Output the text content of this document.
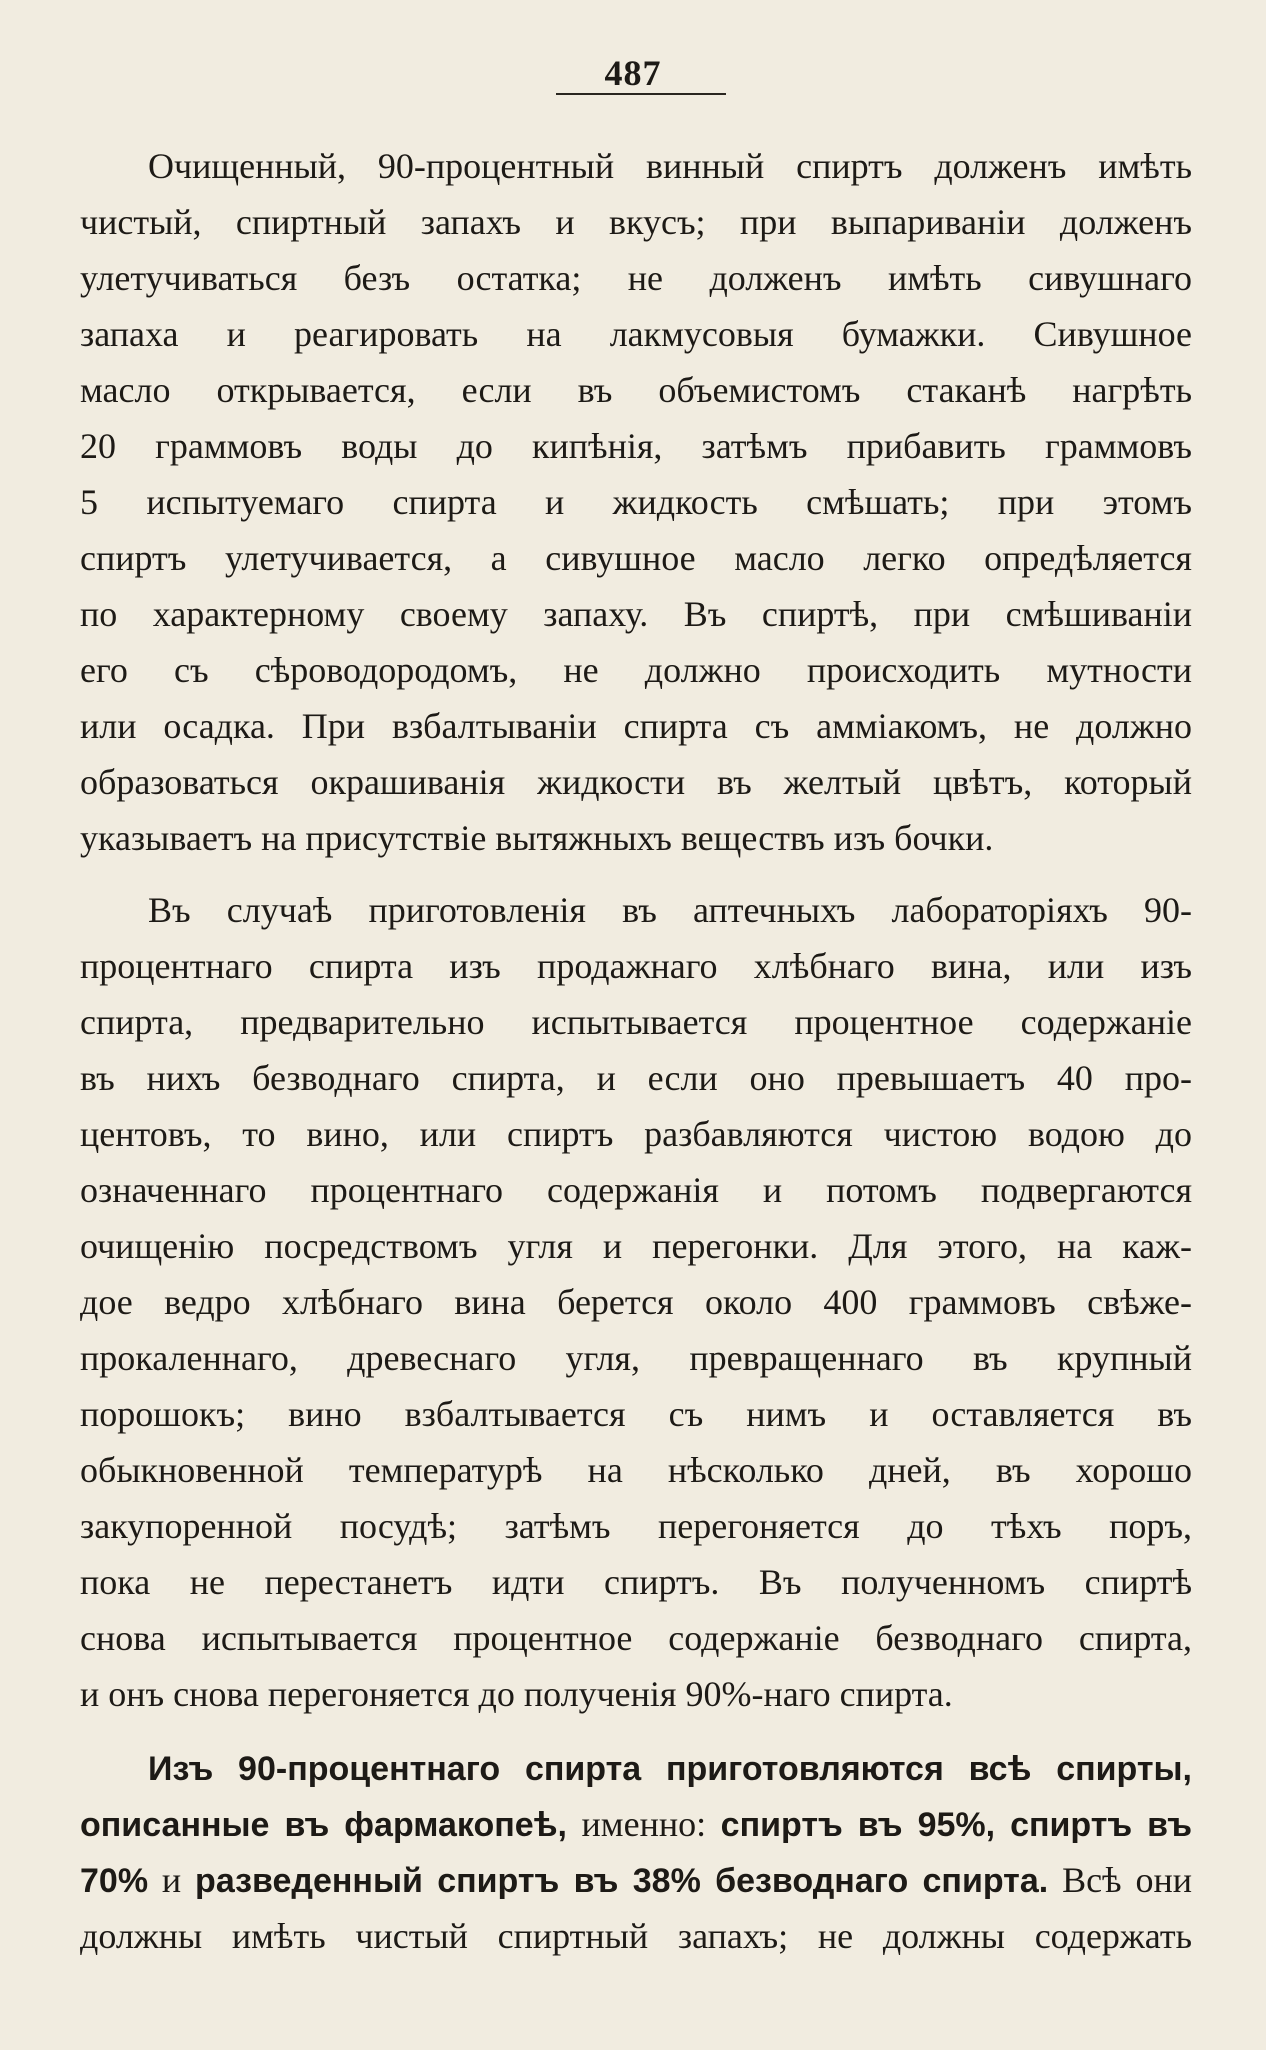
487
Очищенный, 90-процентный винный спиртъ долженъ имѣть
чистый, спиртный запахъ и вкусъ; при выпариванiи долженъ
улетучиваться безъ остатка; не долженъ имѣть сивушнаго
запаха и реагировать на лакмусовыя бумажки. Сивушное
масло открывается, если въ объемистомъ стаканѣ нагрѣть
20 граммовъ воды до кипѣнiя, затѣмъ прибавить граммовъ
5 испытуемаго спирта и жидкость смѣшать; при этомъ
спиртъ улетучивается, а сивушное масло легко опредѣляется
по характерному своему запаху. Въ спиртѣ, при смѣшиванiи
его съ сѣроводородомъ, не должно происходить мутности
или осадка. При взбалтыванiи спирта съ аммiакомъ, не должно
образоваться окрашиванiя жидкости въ желтый цвѣтъ, который
указываетъ на присутствiе вытяжныхъ веществъ изъ бочки.
Въ случаѣ приготовленiя въ аптечныхъ лабораторiяхъ 90-
процентнаго спирта изъ продажнаго хлѣбнаго вина, или изъ
спирта, предварительно испытывается процентное содержанiе
въ нихъ безводнаго спирта, и если оно превышаетъ 40 про-
центовъ, то вино, или спиртъ разбавляются чистою водою до
означеннаго процентнаго содержанiя и потомъ подвергаются
очищенiю посредствомъ угля и перегонки. Для этого, на каж-
дое ведро хлѣбнаго вина берется около 400 граммовъ свѣже-
прокаленнаго, древеснаго угля, превращеннаго въ крупный
порошокъ; вино взбалтывается съ нимъ и оставляется въ
обыкновенной температурѣ на нѣсколько дней, въ хорошо
закупоренной посудѣ; затѣмъ перегоняется до тѣхъ поръ,
пока не перестанетъ идти спиртъ. Въ полученномъ спиртѣ
снова испытывается процентное содержанiе безводнаго спирта,
и онъ снова перегоняется до полученiя 90%-наго спирта.
Изъ 90-процентнаго спирта приготовляются всѣ спирты,
описанные въ фармакопеѣ, именно: спиртъ въ 95%, спиртъ въ
70% и разведенный спиртъ въ 38% безводнаго спирта. Всѣ они
должны имѣть чистый спиртный запахъ; не должны содержать
